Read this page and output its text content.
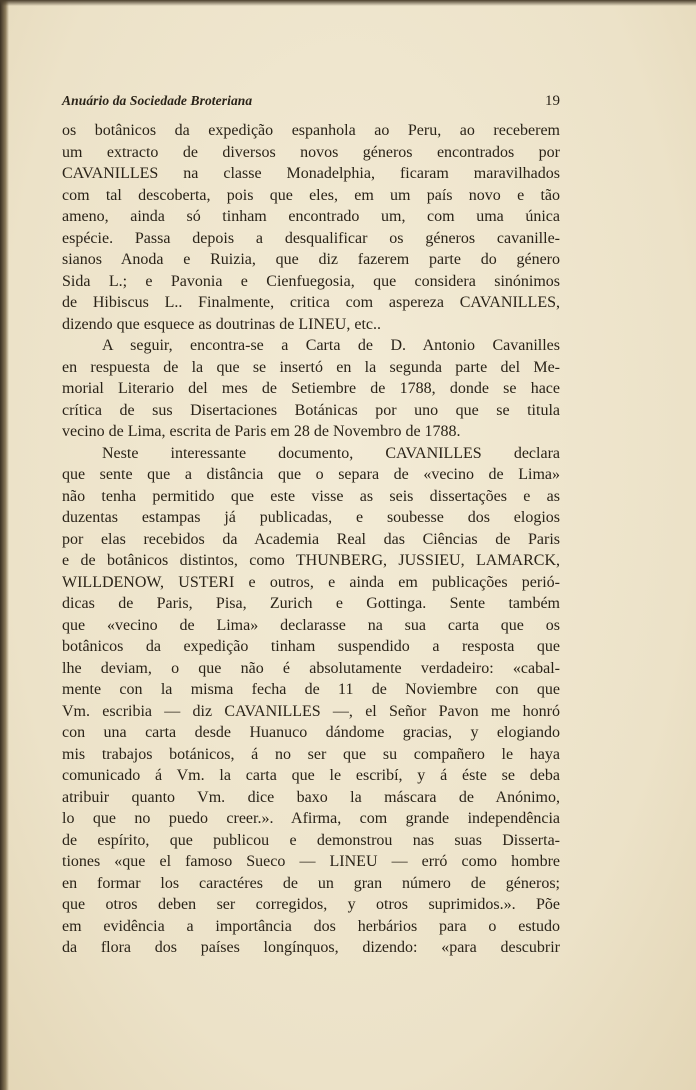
Anuário da Sociedade Broteriana	19
os botânicos da expedição espanhola ao Peru, ao receberem
um extracto de diversos novos géneros encontrados por
CAVANILLES na classe Monadelphia, ficaram maravilhados
com tal descoberta, pois que eles, em um país novo e tão
ameno, ainda só tinham encontrado um, com uma única
espécie. Passa depois a desqualificar os géneros cavanille-
sianos Anoda e Ruizia, que diz fazerem parte do género
Sida L.; e Pavonia e Cienfuegosia, que considera sinónimos
de Hibiscus L.. Finalmente, critica com aspereza CAVANILLES,
dizendo que esquece as doutrinas de LINEU, etc..
A seguir, encontra-se a Carta de D. Antonio Cavanilles
en respuesta de la que se insertó en la segunda parte del Me-
morial Literario del mes de Setiembre de 1788, donde se hace
crítica de sus Disertaciones Botánicas por uno que se titula
vecino de Lima, escrita de Paris em 28 de Novembro de 1788.
Neste interessante documento, CAVANILLES declara
que sente que a distância que o separa de «vecino de Lima»
não tenha permitido que este visse as seis dissertações e as
duzentas estampas já publicadas, e soubesse dos elogios
por elas recebidos da Academia Real das Ciências de Paris
e de botânicos distintos, como THUNBERG, JUSSIEU, LAMARCK,
WILLDENOW, USTERI e outros, e ainda em publicações perió-
dicas de Paris, Pisa, Zurich e Gottinga. Sente também
que «vecino de Lima» declarasse na sua carta que os
botânicos da expedição tinham suspendido a resposta que
lhe deviam, o que não é absolutamente verdadeiro: «cabal-
mente con la misma fecha de 11 de Noviembre con que
Vm. escribia — diz CAVANILLES —, el Señor Pavon me honró
con una carta desde Huanuco dándome gracias, y elogiando
mis trabajos botánicos, á no ser que su compañero le haya
comunicado á Vm. la carta que le escribí, y á éste se deba
atribuir quanto Vm. dice baxo la máscara de Anónimo,
lo que no puedo creer.». Afirma, com grande independência
de espírito, que publicou e demonstrou nas suas Disserta-
tiones «que el famoso Sueco — LINEU — erró como hombre
en formar los caractéres de un gran número de géneros;
que otros deben ser corregidos, y otros suprimidos.». Põe
em evidência a importância dos herbários para o estudo
da flora dos países longínquos, dizendo: «para descubrir
